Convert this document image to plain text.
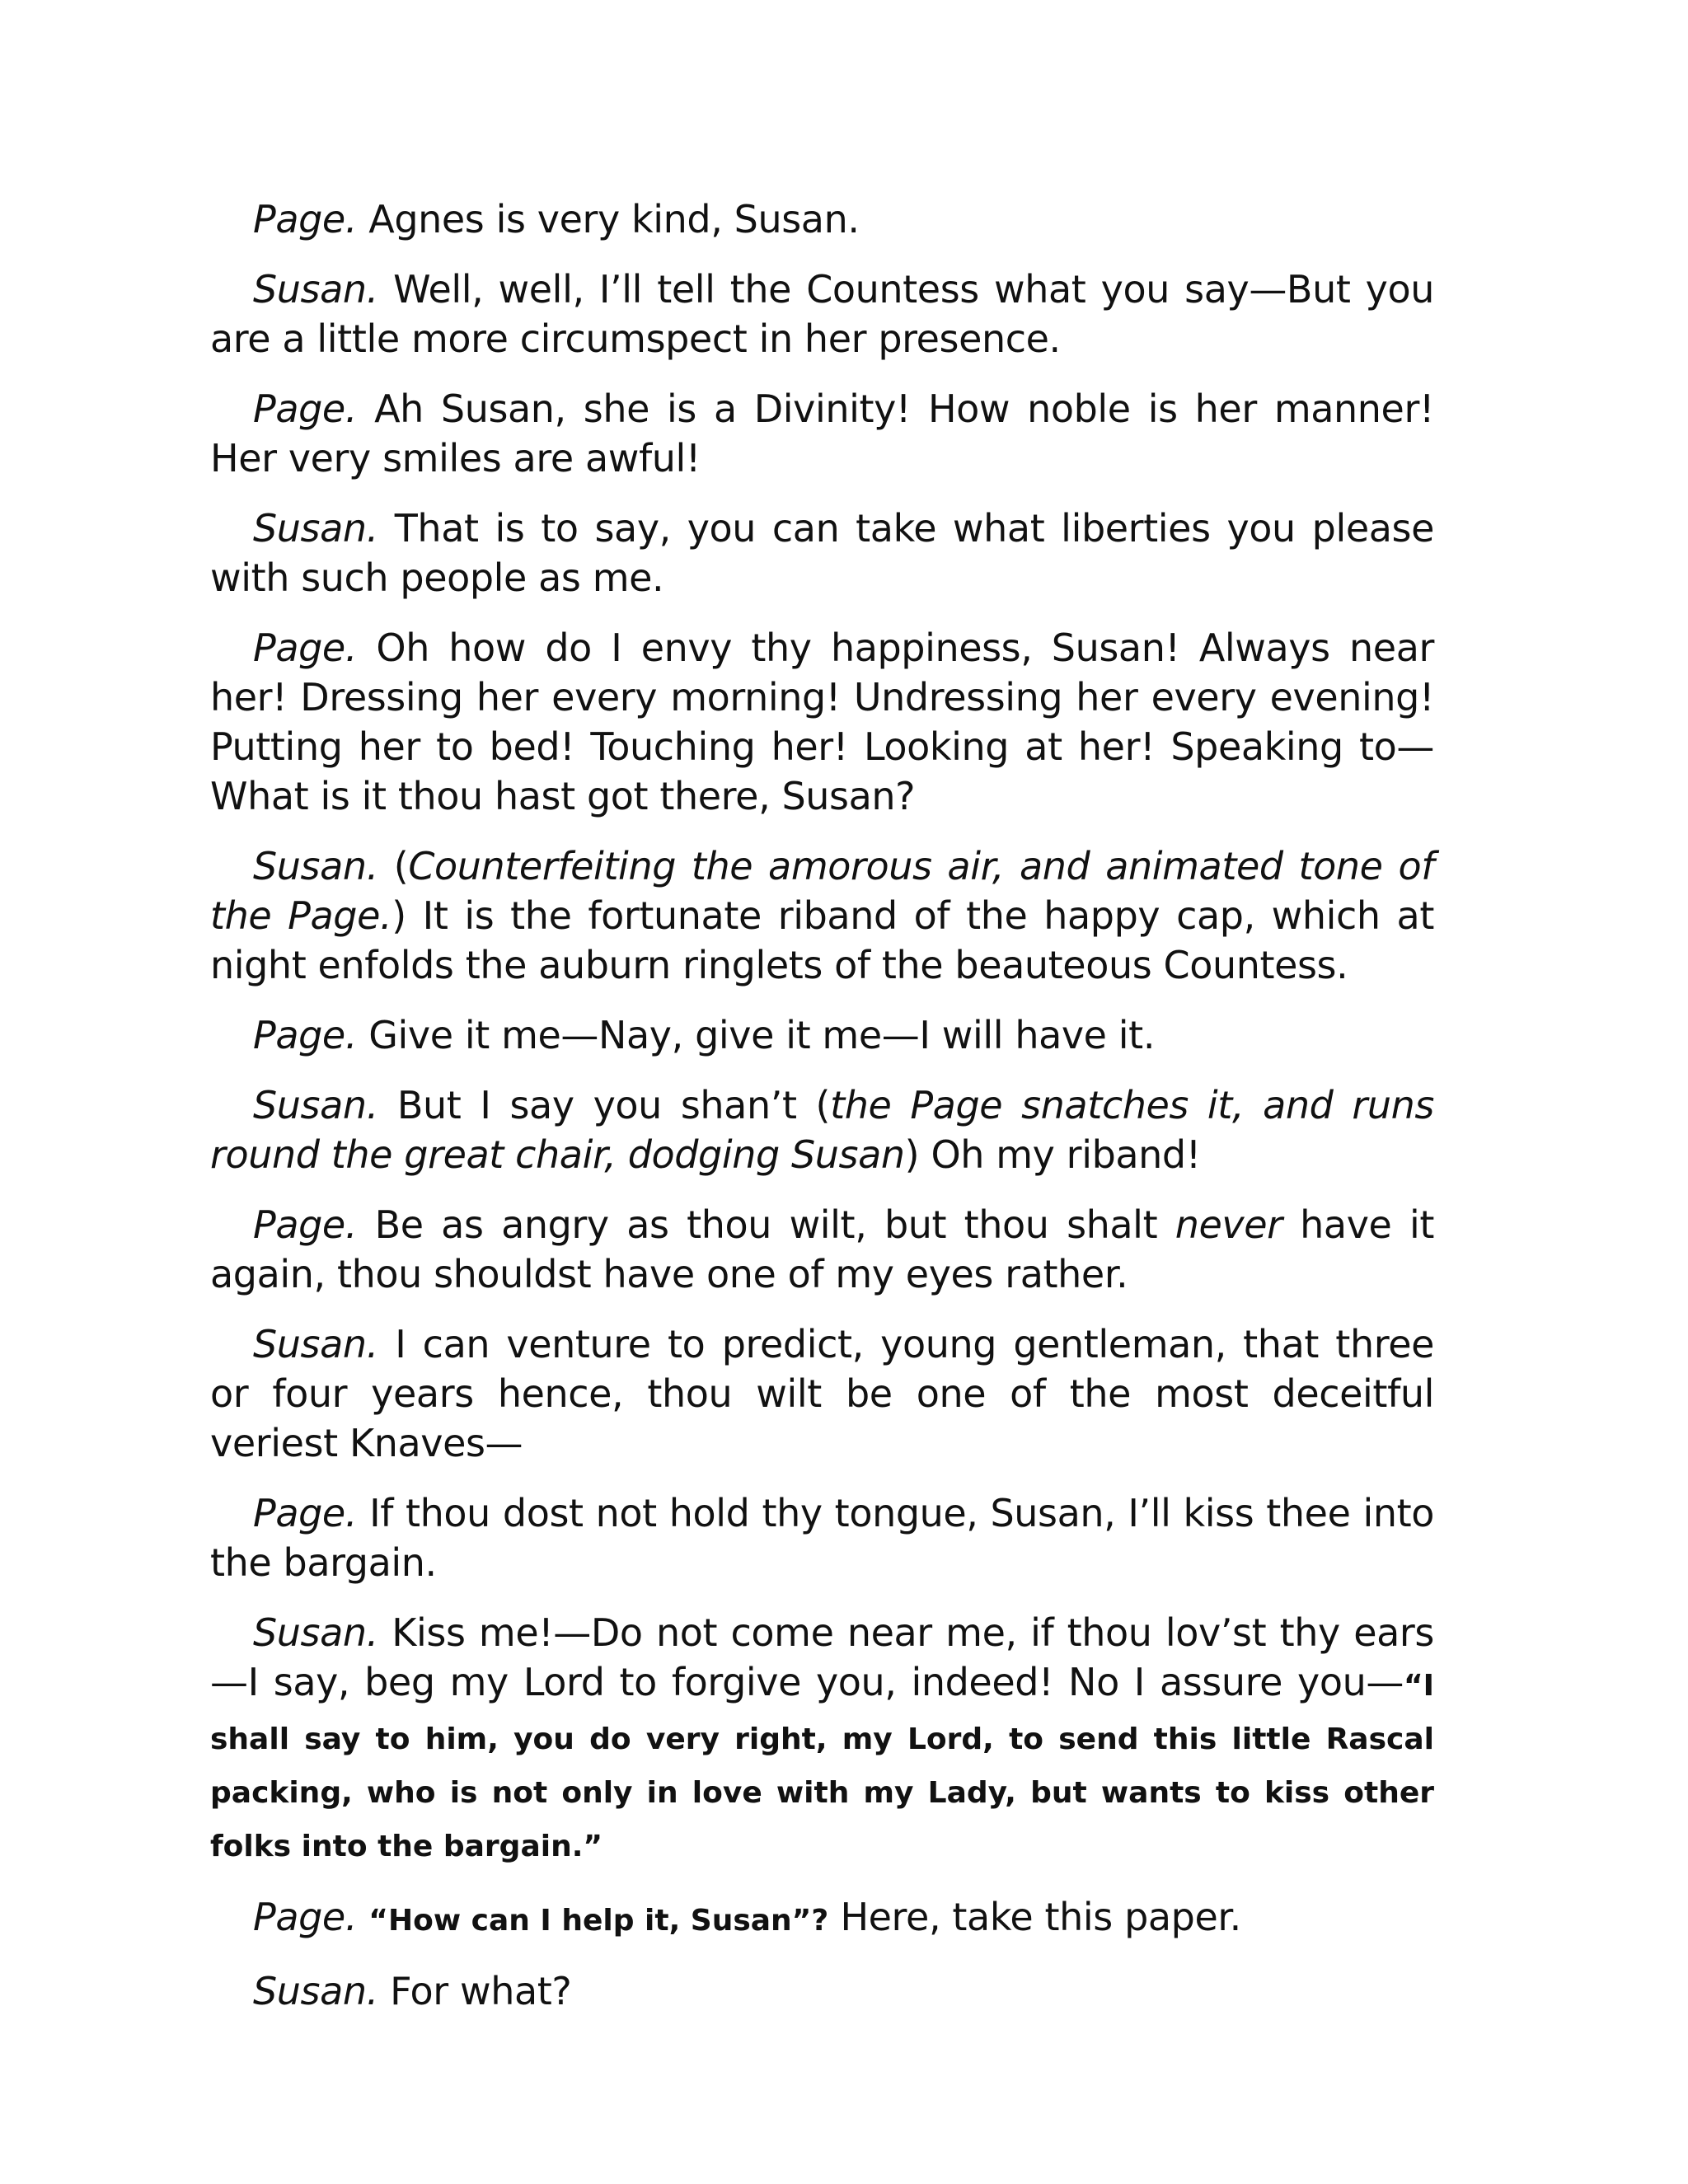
Page. Agnes is very kind, Susan.

Susan. Well, well, I’ll tell the Countess what you say—But you are a little more circumspect in her presence.

Page. Ah Susan, she is a Divinity! How noble is her manner! Her very smiles are awful!

Susan. That is to say, you can take what liberties you please with such people as me.

Page. Oh how do I envy thy happiness, Susan! Always near her! Dressing her every morning! Undressing her every evening! Putting her to bed! Touching her! Looking at her! Speaking to—What is it thou hast got there, Susan?

Susan. (Counterfeiting the amorous air, and animated tone of the Page.) It is the fortunate riband of the happy cap, which at night enfolds the auburn ringlets of the beauteous Countess.

Page. Give it me—Nay, give it me—I will have it.

Susan. But I say you shan’t (the Page snatches it, and runs round the great chair, dodging Susan) Oh my riband!

Page. Be as angry as thou wilt, but thou shalt never have it again, thou shouldst have one of my eyes rather.

Susan. I can venture to predict, young gentleman, that three or four years hence, thou wilt be one of the most deceitful veriest Knaves—

Page. If thou dost not hold thy tongue, Susan, I’ll kiss thee into the bargain.

Susan. Kiss me!—Do not come near me, if thou lov’st thy ears—I say, beg my Lord to forgive you, indeed! No I assure you—“I shall say to him, you do very right, my Lord, to send this little Rascal packing, who is not only in love with my Lady, but wants to kiss other folks into the bargain.”

Page. “How can I help it, Susan”? Here, take this paper.

Susan. For what?
